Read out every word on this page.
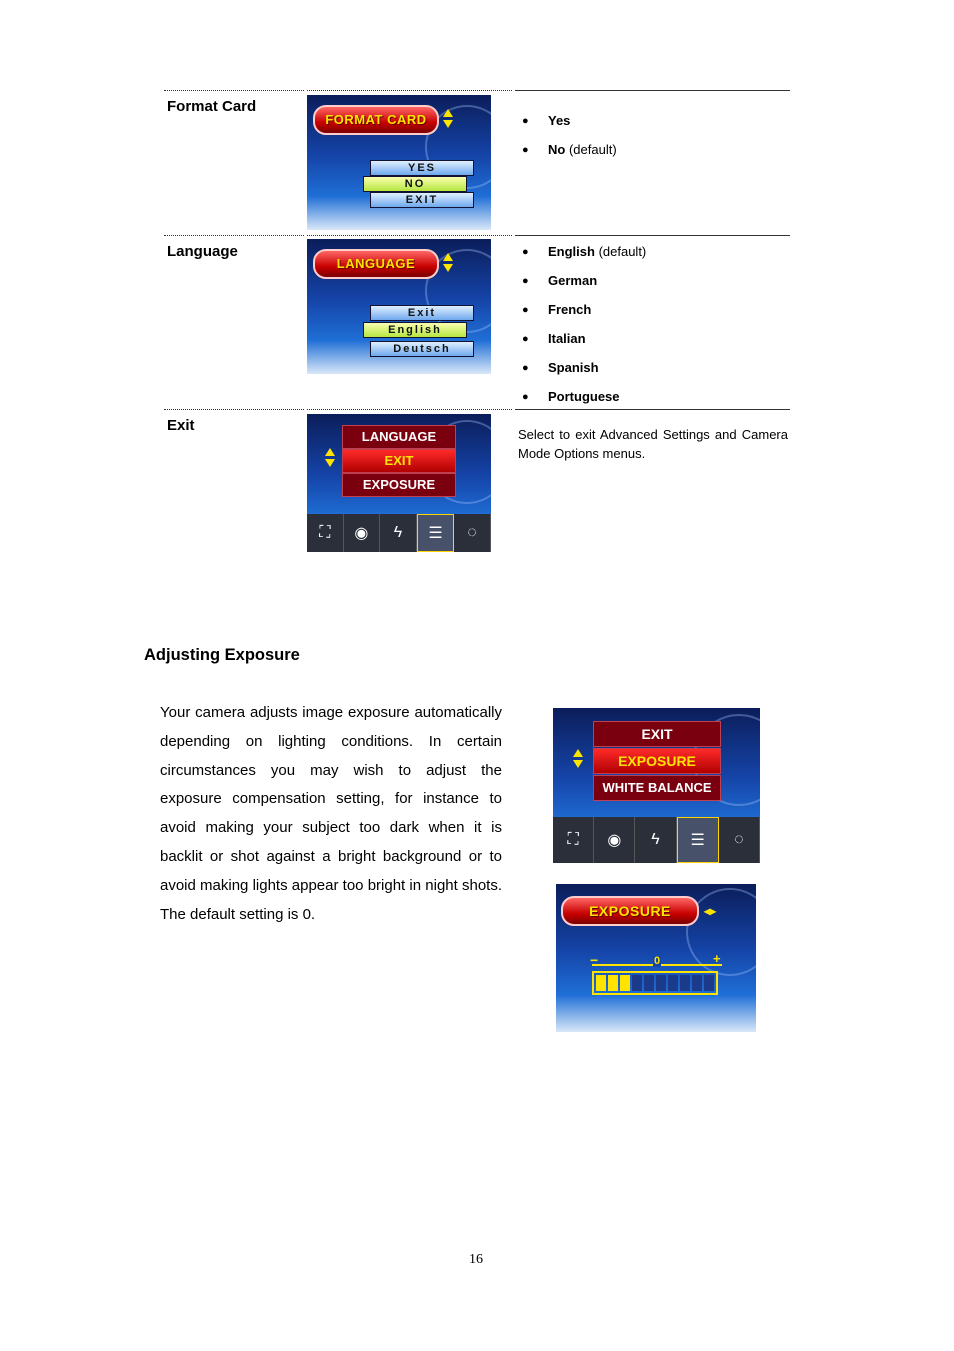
Format Card
FORMAT CARD
YES
NO
EXIT
● Yes
● No (default)
Language
LANGUAGE
Exit
English
Deutsch
● English (default)
● German
● French
● Italian
● Spanish
● Portuguese
Exit
LANGUAGE
EXIT
EXPOSURE
⛶	◉	ϟ	☰	◌
Select to exit Advanced Settings and Camera Mode Options menus.
Adjusting Exposure
Your camera adjusts image exposure automatically depending on lighting conditions. In certain circumstances you may wish to adjust the exposure compensation setting, for instance to avoid making your subject too dark when it is backlit or shot against a bright background or to avoid making lights appear too bright in night shots. The default setting is 0.
EXIT
EXPOSURE
WHITE BALANCE
⛶	◉	ϟ	☰	◌
EXPOSURE	◂▸
−	0	+
16
